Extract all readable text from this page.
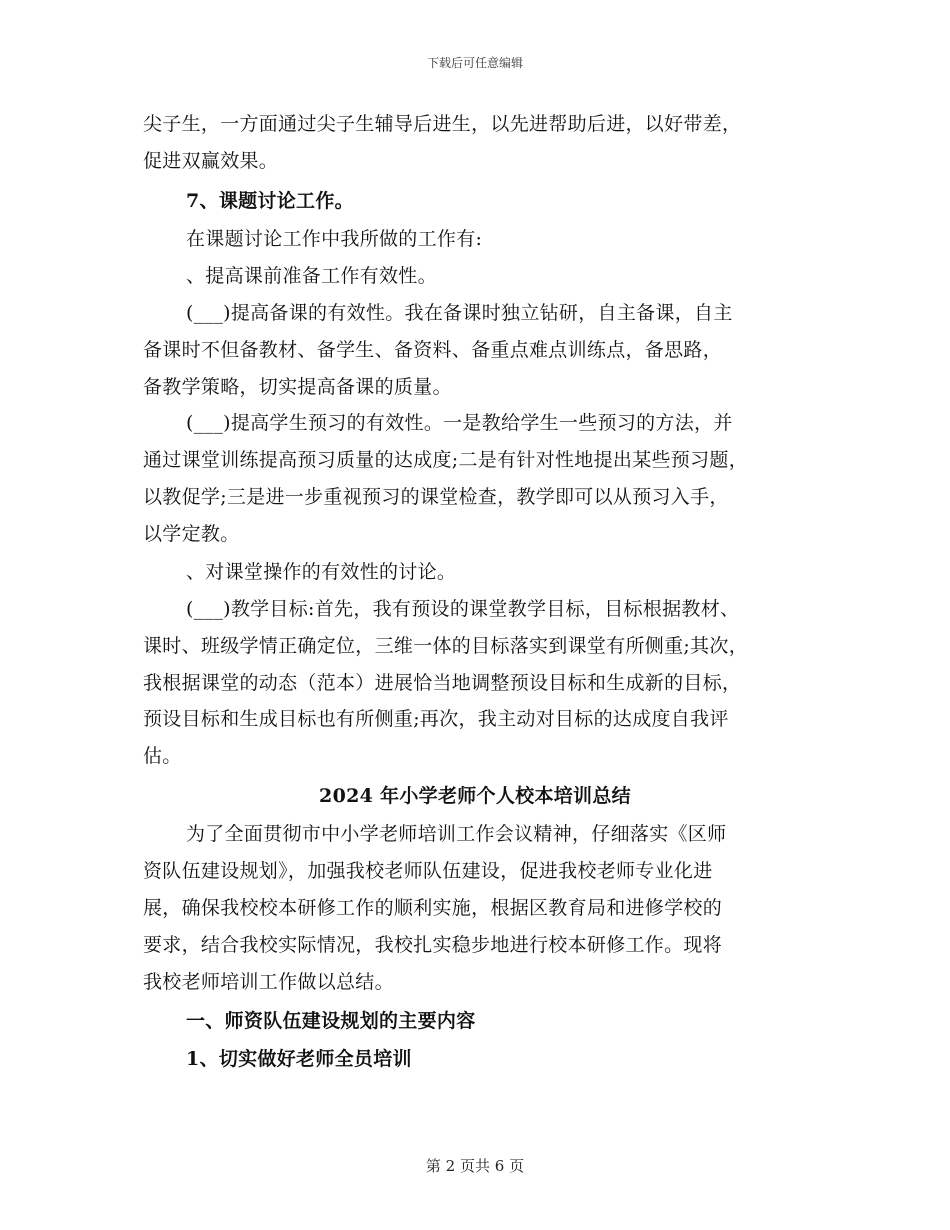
下载后可任意编辑
尖子生，一方面通过尖子生辅导后进生，以先进帮助后进，以好带差，
促进双赢效果。
7、课题讨论工作。
在课题讨论工作中我所做的工作有:
、提高课前准备工作有效性。
(___)提高备课的有效性。我在备课时独立钻研，自主备课，自主
备课时不但备教材、备学生、备资料、备重点难点训练点，备思路，
备教学策略，切实提高备课的质量。
(___)提高学生预习的有效性。一是教给学生一些预习的方法，并
通过课堂训练提高预习质量的达成度;二是有针对性地提出某些预习题，
以教促学;三是进一步重视预习的课堂检查，教学即可以从预习入手，
以学定教。
、对课堂操作的有效性的讨论。
(___)教学目标:首先，我有预设的课堂教学目标，目标根据教材、
课时、班级学情正确定位，三维一体的目标落实到课堂有所侧重;其次，
我根据课堂的动态（范本）进展恰当地调整预设目标和生成新的目标，
预设目标和生成目标也有所侧重;再次，我主动对目标的达成度自我评
估。
2024 年小学老师个人校本培训总结
为了全面贯彻市中小学老师培训工作会议精神，仔细落实《区师
资队伍建设规划》，加强我校老师队伍建设，促进我校老师专业化进
展，确保我校校本研修工作的顺利实施，根据区教育局和进修学校的
要求，结合我校实际情况，我校扎实稳步地进行校本研修工作。现将
我校老师培训工作做以总结。
一、师资队伍建设规划的主要内容
1、切实做好老师全员培训
第 2 页共 6 页
